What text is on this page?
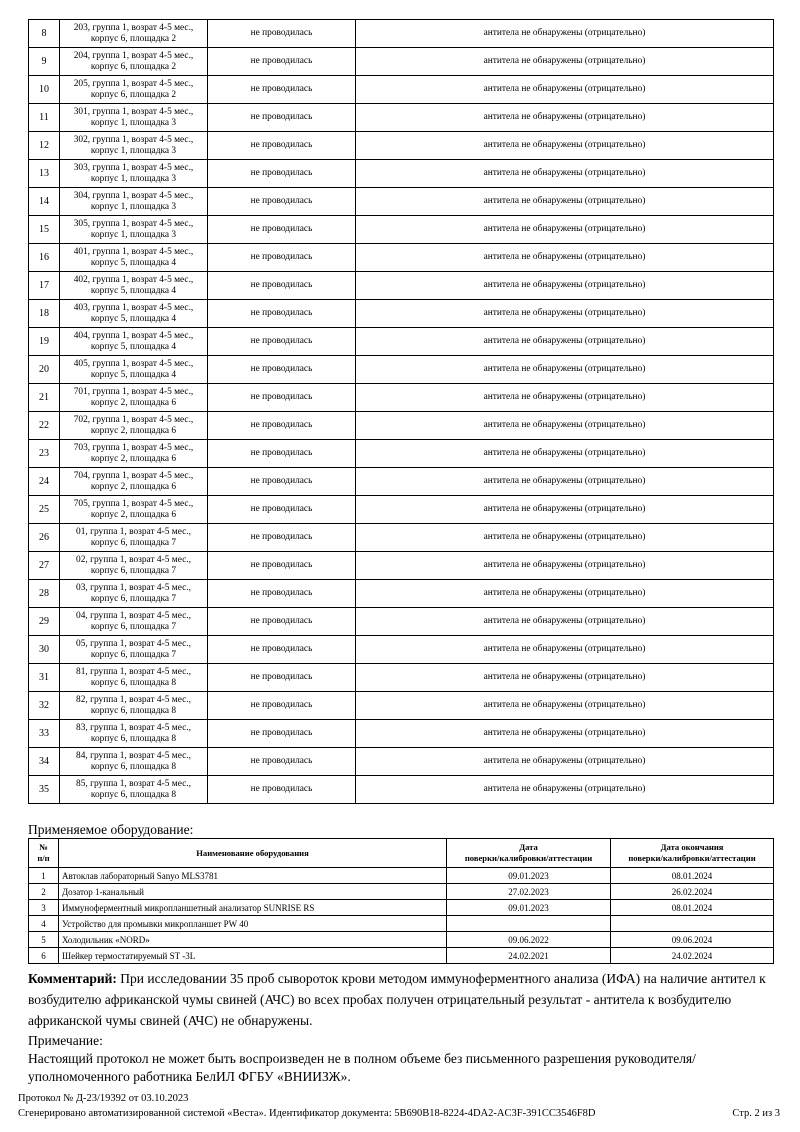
8	203, группа 1, возрат 4-5 мес.,
корпус 6, площадка 2	не проводилась	антитела не обнаружены (отрицательно)
9	204, группа 1, возрат 4-5 мес.,
корпус 6, площадка 2	не проводилась	антитела не обнаружены (отрицательно)
10	205, группа 1, возрат 4-5 мес.,
корпус 6, площадка 2	не проводилась	антитела не обнаружены (отрицательно)
11	301, группа 1, возрат 4-5 мес.,
корпус 1, площадка 3	не проводилась	антитела не обнаружены (отрицательно)
12	302, группа 1, возрат 4-5 мес.,
корпус 1, площадка 3	не проводилась	антитела не обнаружены (отрицательно)
13	303, группа 1, возрат 4-5 мес.,
корпус 1, площадка 3	не проводилась	антитела не обнаружены (отрицательно)
14	304, группа 1, возрат 4-5 мес.,
корпус 1, площадка 3	не проводилась	антитела не обнаружены (отрицательно)
15	305, группа 1, возрат 4-5 мес.,
корпус 1, площадка 3	не проводилась	антитела не обнаружены (отрицательно)
16	401, группа 1, возрат 4-5 мес.,
корпус 5, площадка 4	не проводилась	антитела не обнаружены (отрицательно)
17	402, группа 1, возрат 4-5 мес.,
корпус 5, площадка 4	не проводилась	антитела не обнаружены (отрицательно)
18	403, группа 1, возрат 4-5 мес.,
корпус 5, площадка 4	не проводилась	антитела не обнаружены (отрицательно)
19	404, группа 1, возрат 4-5 мес.,
корпус 5, площадка 4	не проводилась	антитела не обнаружены (отрицательно)
20	405, группа 1, возрат 4-5 мес.,
корпус 5, площадка 4	не проводилась	антитела не обнаружены (отрицательно)
21	701, группа 1, возрат 4-5 мес.,
корпус 2, площадка 6	не проводилась	антитела не обнаружены (отрицательно)
22	702, группа 1, возрат 4-5 мес.,
корпус 2, площадка 6	не проводилась	антитела не обнаружены (отрицательно)
23	703, группа 1, возрат 4-5 мес.,
корпус 2, площадка 6	не проводилась	антитела не обнаружены (отрицательно)
24	704, группа 1, возрат 4-5 мес.,
корпус 2, площадка 6	не проводилась	антитела не обнаружены (отрицательно)
25	705, группа 1, возрат 4-5 мес.,
корпус 2, площадка 6	не проводилась	антитела не обнаружены (отрицательно)
26	01, группа 1, возрат 4-5 мес.,
корпус 6, площадка 7	не проводилась	антитела не обнаружены (отрицательно)
27	02, группа 1, возрат 4-5 мес.,
корпус 6, площадка 7	не проводилась	антитела не обнаружены (отрицательно)
28	03, группа 1, возрат 4-5 мес.,
корпус 6, площадка 7	не проводилась	антитела не обнаружены (отрицательно)
29	04, группа 1, возрат 4-5 мес.,
корпус 6, площадка 7	не проводилась	антитела не обнаружены (отрицательно)
30	05, группа 1, возрат 4-5 мес.,
корпус 6, площадка 7	не проводилась	антитела не обнаружены (отрицательно)
31	81, группа 1, возрат 4-5 мес.,
корпус 6, площадка 8	не проводилась	антитела не обнаружены (отрицательно)
32	82, группа 1, возрат 4-5 мес.,
корпус 6, площадка 8	не проводилась	антитела не обнаружены (отрицательно)
33	83, группа 1, возрат 4-5 мес.,
корпус 6, площадка 8	не проводилась	антитела не обнаружены (отрицательно)
34	84, группа 1, возрат 4-5 мес.,
корпус 6, площадка 8	не проводилась	антитела не обнаружены (отрицательно)
35	85, группа 1, возрат 4-5 мес.,
корпус 6, площадка 8	не проводилась	антитела не обнаружены (отрицательно)
Применяемое оборудование:
№
п/п	Наименование оборудования	Дата
поверки/калибровки/аттестации	Дата окончания
поверки/калибровки/аттестации
1	Автоклав лабораторный Sanyo MLS3781	09.01.2023	08.01.2024
2	Дозатор 1-канальный	27.02.2023	26.02.2024
3	Иммуноферментный микропланшетный анализатор SUNRISE RS	09.01.2023	08.01.2024
4	Устройство для промывки микропланшет PW 40		
5	Холодильник «NORD»	09.06.2022	09.06.2024
6	Шейкер термостатируемый ST -3L	24.02.2021	24.02.2024
Комментарий: При исследовании 35 проб сывороток крови методом иммуноферментного анализа (ИФА) на наличие антител к возбудителю африканской чумы свиней (АЧС) во всех пробах получен отрицательный результат - антитела к возбудителю африканской чумы свиней (АЧС) не обнаружены.
Примечание:
Настоящий протокол не может быть воспроизведен не в полном объеме без письменного разрешения руководителя/уполномоченного работника БелИЛ ФГБУ «ВНИИЗЖ».
Протокол № Д-23/19392 от 03.10.2023
Сгенерировано автоматизированной системой «Веста». Идентификатор документа: 5B690B18-8224-4DA2-AC3F-391CC3546F8D	Стр. 2 из 3
